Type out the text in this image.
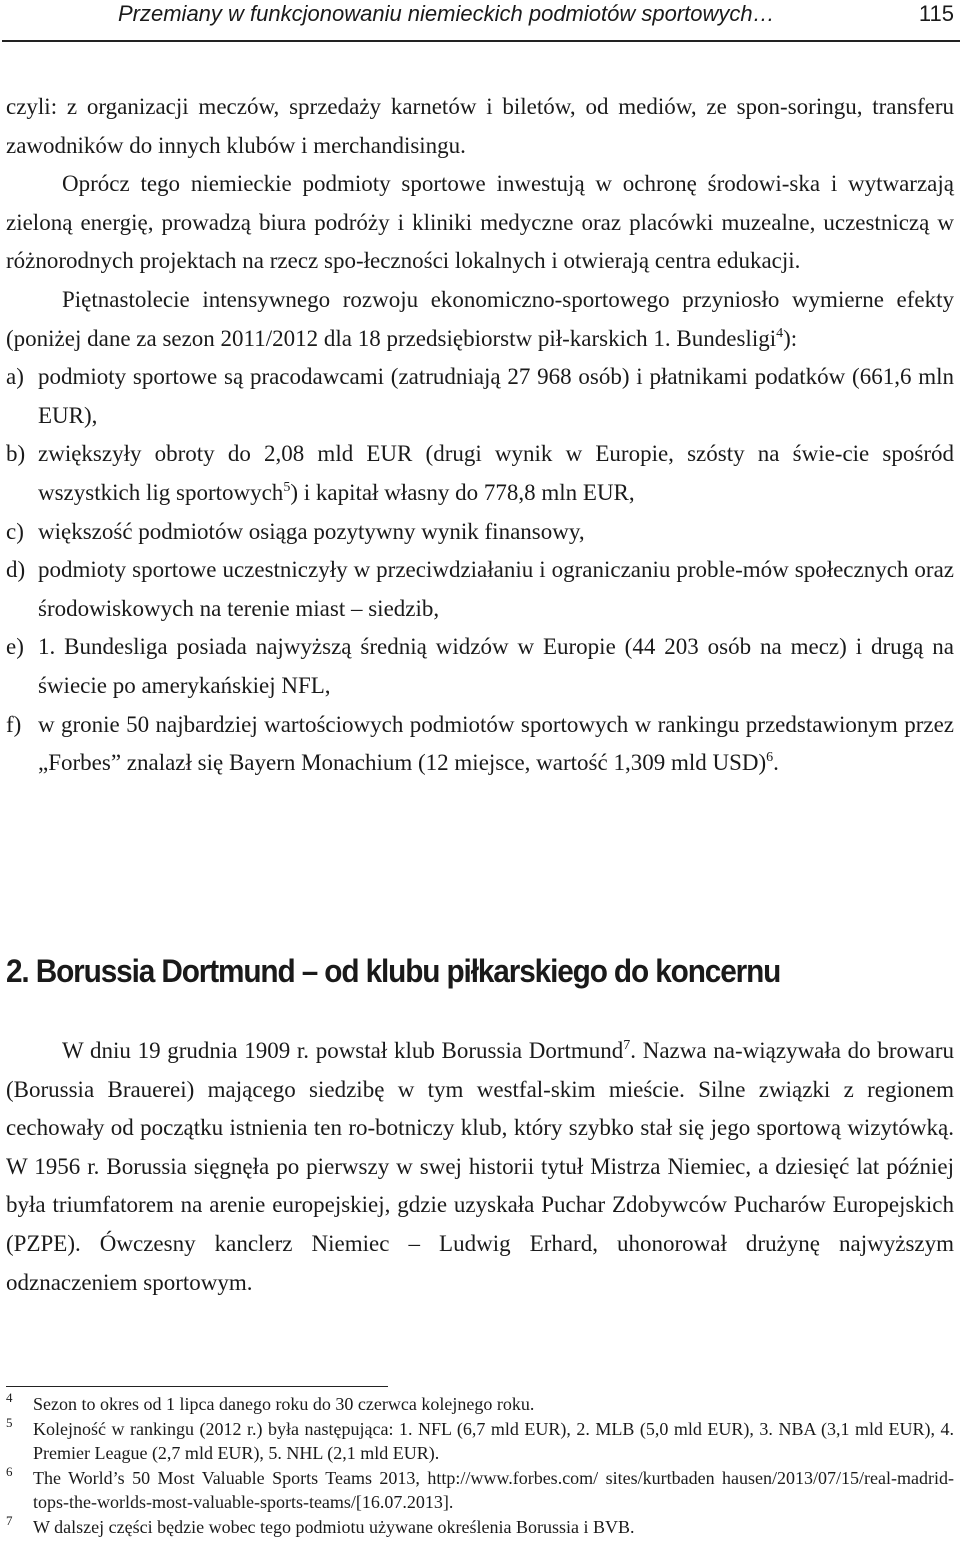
Przemiany w funkcjonowaniu niemieckich podmiotów sportowych…	115

czyli: z organizacji meczów, sprzedaży karnetów i biletów, od mediów, ze spon-soringu, transferu zawodników do innych klubów i merchandisingu.

Oprócz tego niemieckie podmioty sportowe inwestują w ochronę środowi-ska i wytwarzają zieloną energię, prowadzą biura podróży i kliniki medyczne oraz placówki muzealne, uczestniczą w różnorodnych projektach na rzecz spo-łeczności lokalnych i otwierają centra edukacji.

Piętnastolecie intensywnego rozwoju ekonomiczno-sportowego przyniosło wymierne efekty (poniżej dane za sezon 2011/2012 dla 18 przedsiębiorstw pił-karskich 1. Bundesligi$^4$):

a) podmioty sportowe są pracodawcami (zatrudniają 27 968 osób) i płatnikami podatków (661,6 mln EUR),
b) zwiększyły obroty do 2,08 mld EUR (drugi wynik w Europie, szósty na świe-cie spośród wszystkich lig sportowych$^5$) i kapitał własny do 778,8 mln EUR,
c) większość podmiotów osiąga pozytywny wynik finansowy,
d) podmioty sportowe uczestniczyły w przeciwdziałaniu i ograniczaniu proble-mów społecznych oraz środowiskowych na terenie miast – siedzib,
e) 1. Bundesliga posiada najwyższą średnią widzów w Europie (44 203 osób na mecz) i drugą na świecie po amerykańskiej NFL,
f) w gronie 50 najbardziej wartościowych podmiotów sportowych w rankingu przedstawionym przez „Forbes” znalazł się Bayern Monachium (12 miejsce, wartość 1,309 mld USD)$^6$.
2. Borussia Dortmund – od klubu piłkarskiego do koncernu

W dniu 19 grudnia 1909 r. powstał klub Borussia Dortmund$^7$. Nazwa na-wiązywała do browaru (Borussia Brauerei) mającego siedzibę w tym westfal-skim mieście. Silne związki z regionem cechowały od początku istnienia ten ro-botniczy klub, który szybko stał się jego sportową wizytówką. W 1956 r. Borussia sięgnęła po pierwszy w swej historii tytuł Mistrza Niemiec, a dziesięć lat później była triumfatorem na arenie europejskiej, gdzie uzyskała Puchar Zdobywców Pucharów Europejskich (PZPE). Ówczesny kanclerz Niemiec – Ludwig Erhard, uhonorował drużynę najwyższym odznaczeniem sportowym.

4 Sezon to okres od 1 lipca danego roku do 30 czerwca kolejnego roku.
5 Kolejność w rankingu (2012 r.) była następująca: 1. NFL (6,7 mld EUR), 2. MLB (5,0 mld EUR), 3. NBA (3,1 mld EUR), 4. Premier League (2,7 mld EUR), 5. NHL (2,1 mld EUR).
6 The World’s 50 Most Valuable Sports Teams 2013, http://www.forbes.com/ sites/kurtbaden hausen/2013/07/15/real-madrid-tops-the-worlds-most-valuable-sports-teams/[16.07.2013].
7 W dalszej części będzie wobec tego podmiotu używane określenia Borussia i BVB.
